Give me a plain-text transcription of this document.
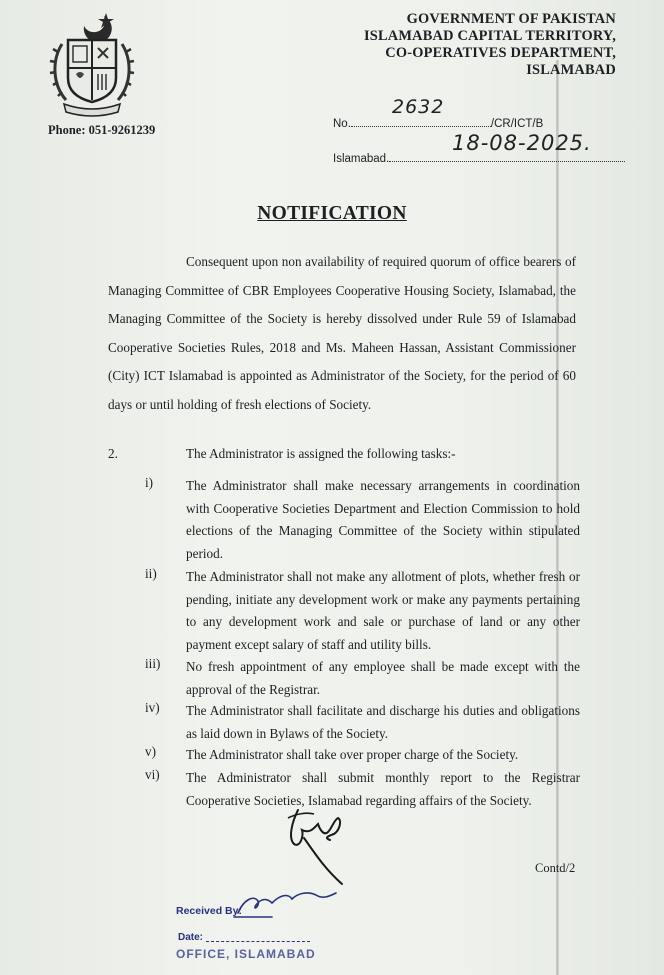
Phone: 051-9261239
GOVERNMENT OF PAKISTAN
ISLAMABAD CAPITAL TERRITORY,
CO-OPERATIVES DEPARTMENT,
ISLAMABAD
No.	/CR/ICT/B
2632
Islamabad.
18-08-2025.
NOTIFICATION
Consequent upon non availability of required quorum of office bearers of Managing Committee of CBR Employees Cooperative Housing Society, Islamabad, the Managing Committee of the Society is hereby dissolved under Rule 59 of Islamabad Cooperative Societies Rules, 2018 and Ms. Maheen Hassan, Assistant Commissioner (City) ICT Islamabad is appointed as Administrator of the Society, for the period of 60 days or until holding of fresh elections of Society.
2.	The Administrator is assigned the following tasks:-
i)	The Administrator shall make necessary arrangements in coordination with Cooperative Societies Department and Election Commission to hold elections of the Managing Committee of the Society within stipulated period.
ii)	The Administrator shall not make any allotment of plots, whether fresh or pending, initiate any development work or make any payments pertaining to any development work and sale or purchase of land or any other payment except salary of staff and utility bills.
iii)	No fresh appointment of any employee shall be made except with the approval of the Registrar.
iv)	The Administrator shall facilitate and discharge his duties and obligations as laid down in Bylaws of the Society.
v)	The Administrator shall take over proper charge of the Society.
vi)	The Administrator shall submit monthly report to the Registrar Cooperative Societies, Islamabad regarding affairs of the Society.
Contd/2
Received By:
Date:
OFFICE, ISLAMABAD
